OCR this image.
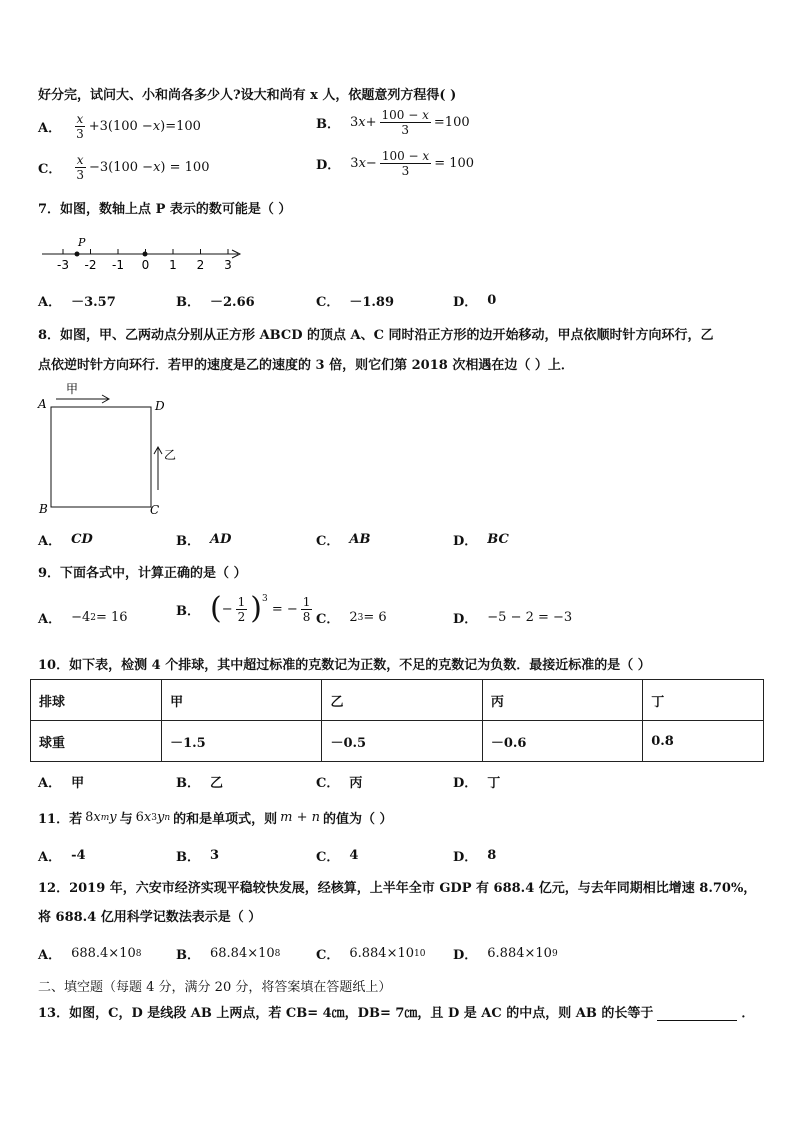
好分完，试问大、小和尚各多少人?设大和尚有 x 人，依题意列方程得( )
A． $\frac{x}{3} +3(100 - x$ )=100	B． 3 $x + \frac{100 - x}{3} =100$
C． $\frac{x}{3} -3(100 - x$ ) = 100	D． 3 $x - \frac{100 - x}{3} = 100$
7．如图，数轴上点 P 表示的数可能是（ ）
-3 -2 -1 0 1 2 3
P
A． －3.57	B． －2.66	C． －1.89	D． 0
8．如图，甲、乙两动点分别从正方形 ABCD 的顶点 A、C 同时沿正方形的边开始移动，甲点依顺时针方向环行，乙
点依逆时针方向环行．若甲的速度是乙的速度的 3 倍，则它们第 2018 次相遇在边（ ）上．
A	D
B	C
甲
乙
A． CD	B． AD	C． AB	D． BC
9．下面各式中，计算正确的是（ ）
A． −4 2 = 16	B． ( − $\frac{1}{2} )^3$
= − $\frac{1}{8}$ C． 2 3 = 6	D． −5 − 2 = −3
10．如下表，检测 4 个排球，其中超过标准的克数记为正数，不足的克数记为负数．最接近标准的是（ ）
排球	甲	乙	丙	丁
球重	－1.5	－0.5	－0.6	0.8
A． 甲	B． 乙	C． 丙	D． 丁
11．若 8 x m y 与 6 x 3 y n 的和是单项式，则 m + n 的值为（ ）
A． -4	B． 3	C． 4	D． 8
12．2019 年，六安市经济实现平稳较快发展，经核算，上半年全市 GDP 有 688.4 亿元，与去年同期相比增速 8.70%，
将 688.4 亿用科学记数法表示是（ ）
A． 688.4×10 8	B． 68.84×10 8	C． 6.884×10 10 D． 6.884×10 9
二、填空题（每题 4 分，满分 20 分，将答案填在答题纸上）
13．如图，C，D 是线段 AB 上两点，若 CB= 4㎝，DB= 7㎝，且 D 是 AC 的中点，则 AB 的长等于	．
